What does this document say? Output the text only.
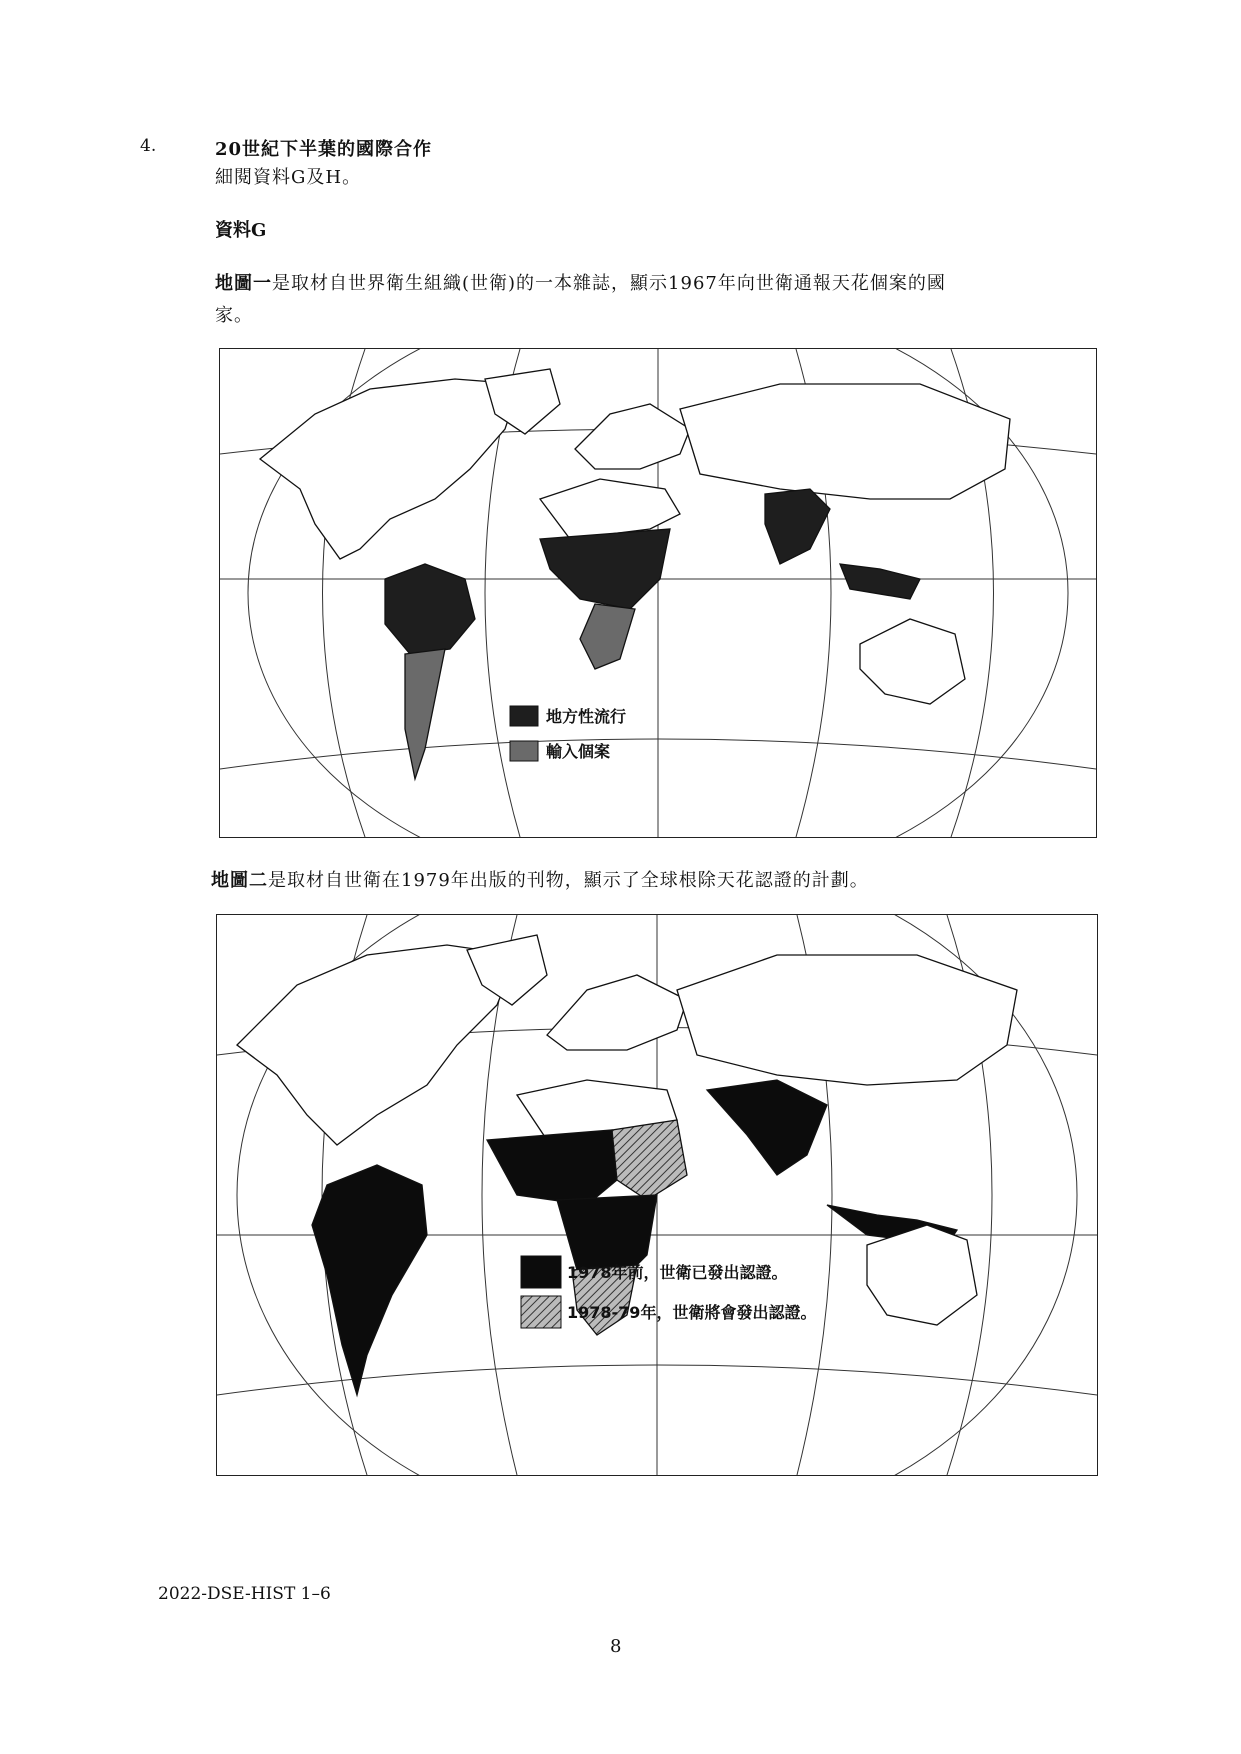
4.	20世紀下半葉的國際合作
細閱資料G及H。
資料G
地圖一是取材自世界衛生組織(世衛)的一本雜誌，顯示1967年向世衛通報天花個案的國
家。
地方性流行
輸入個案
地圖二是取材自世衛在1979年出版的刊物，顯示了全球根除天花認證的計劃。
1978年前，世衛已發出認證。
1978-79年，世衛將會發出認證。
2022-DSE-HIST 1–6
8
